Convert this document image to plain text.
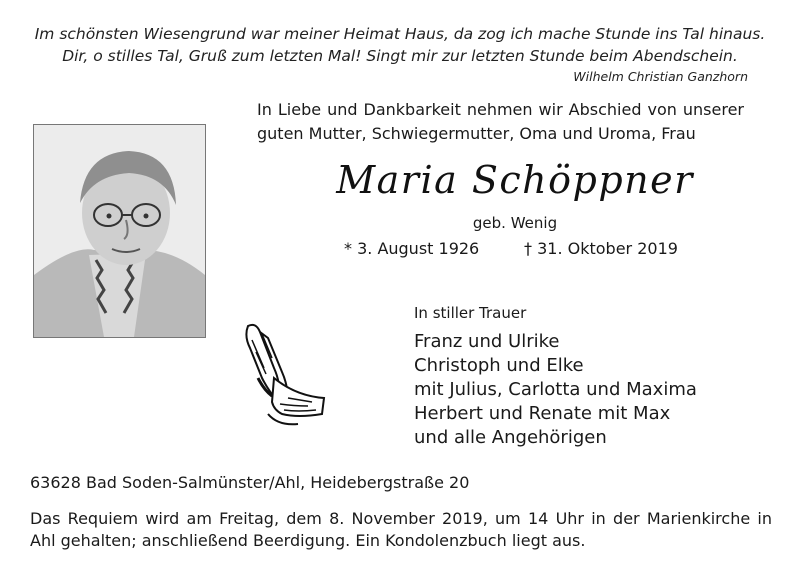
Im schönsten Wiesengrund war meiner Heimat Haus, da zog ich mache Stunde ins Tal hinaus.
Dir, o stilles Tal, Gruß zum letzten Mal! Singt mir zur letzten Stunde beim Abendschein.
Wilhelm Christian Ganzhorn
In Liebe und Dankbarkeit nehmen wir Abschied von unserer
guten Mutter, Schwiegermutter, Oma und Uroma, Frau
Maria Schöppner
geb. Wenig
* 3. August 1926	† 31. Oktober 2019
In stiller Trauer
Franz und Ulrike
Christoph und Elke
mit Julius, Carlotta und Maxima
Herbert und Renate mit Max
und alle Angehörigen
63628 Bad Soden-Salmünster/Ahl, Heidebergstraße 20
Das Requiem wird am Freitag, dem 8. November 2019, um 14 Uhr in der Marienkirche in
Ahl gehalten; anschließend Beerdigung. Ein Kondolenzbuch liegt aus.
